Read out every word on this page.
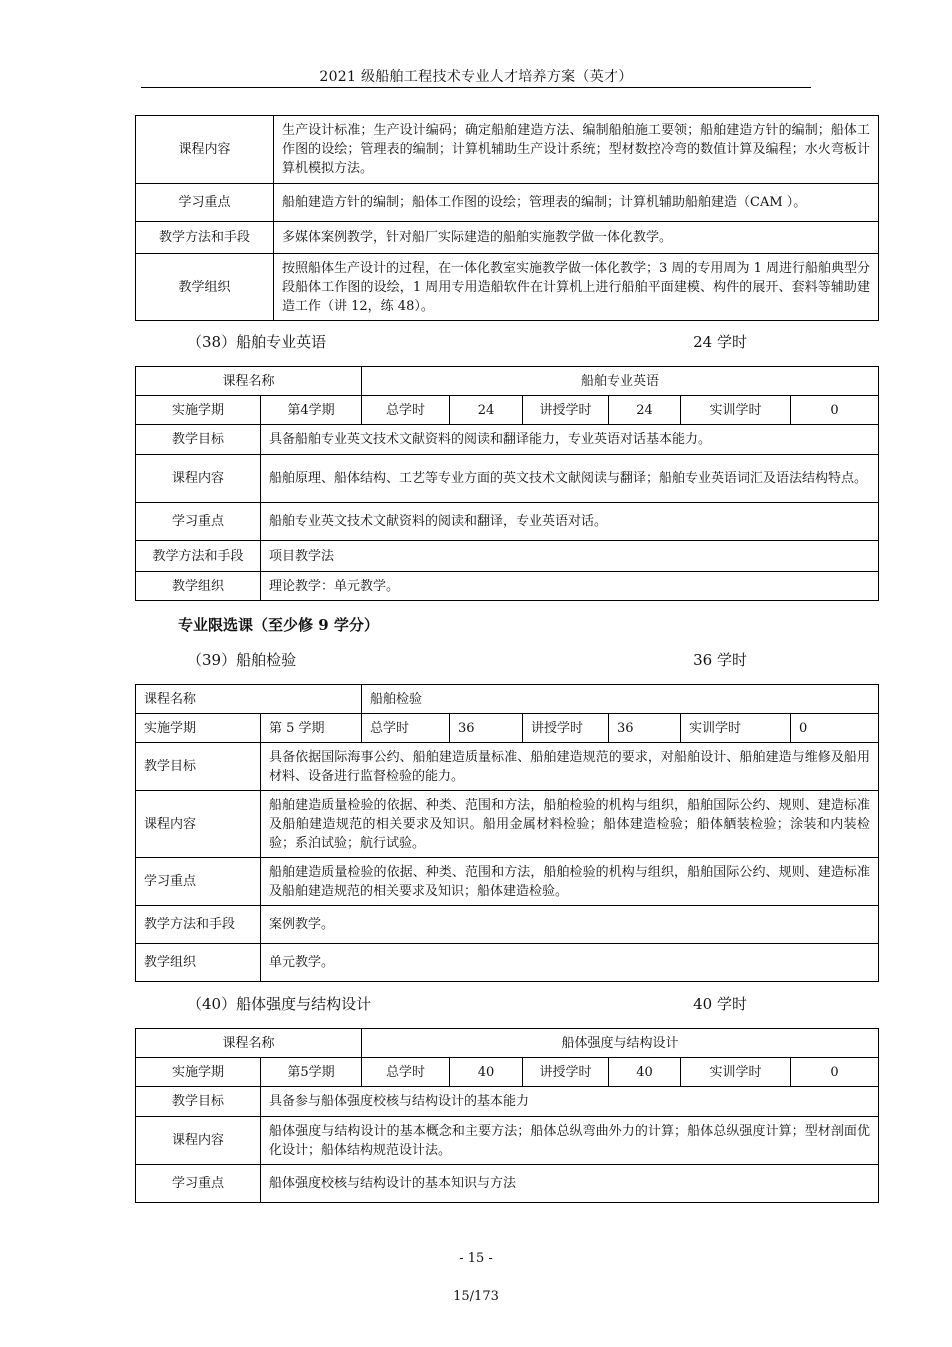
2021 级船舶工程技术专业人才培养方案（英才）
课程内容	生产设计标准；生产设计编码；确定船舶建造方法、编制船舶施工要领；船舶建造方针的编制；船体工作图的设绘；管理表的编制；计算机辅助生产设计系统；型材数控冷弯的数值计算及编程；水火弯板计算机模拟方法。
学习重点	船舶建造方针的编制；船体工作图的设绘；管理表的编制；计算机辅助船舶建造（CAM ）。
教学方法和手段	多媒体案例教学，针对船厂实际建造的船舶实施教学做一体化教学。
教学组织	按照船体生产设计的过程，在一体化教室实施教学做一体化教学；3 周的专用周为 1 周进行船舶典型分段船体工作图的设绘，1 周用专用造船软件在计算机上进行船舶平面建模、构件的展开、套料等辅助建造工作（讲 12，练 48）。
（38）船舶专业英语	24 学时
课程名称		船舶专业英语					
实施学期	第4学期	总学时	24	讲授学时	24	实训学时	0
教学目标	具备船舶专业英文技术文献资料的阅读和翻译能力，专业英语对话基本能力。						
课程内容	船舶原理、船体结构、工艺等专业方面的英文技术文献阅读与翻译；船舶专业英语词汇及语法结构特点。						
学习重点	船舶专业英文技术文献资料的阅读和翻译，专业英语对话。						
教学方法和手段	项目教学法						
教学组织	理论教学：单元教学。						
专业限选课（至少修 9 学分）
（39）船舶检验	36 学时
课程名称		船舶检验					
实施学期	第 5 学期	总学时	36	讲授学时	36	实训学时	0
教学目标	具备依据国际海事公约、船舶建造质量标准、船舶建造规范的要求，对船舶设计、船舶建造与维修及船用材料、设备进行监督检验的能力。						
课程内容	船舶建造质量检验的依据、种类、范围和方法，船舶检验的机构与组织，船舶国际公约、规则、建造标准及船舶建造规范的相关要求及知识。船用金属材料检验；船体建造检验；船体舾装检验；涂装和内装检验；系泊试验；航行试验。						
学习重点	船舶建造质量检验的依据、种类、范围和方法，船舶检验的机构与组织，船舶国际公约、规则、建造标准及船舶建造规范的相关要求及知识；船体建造检验。						
教学方法和手段	案例教学。						
教学组织	单元教学。						
（40）船体强度与结构设计	40 学时
课程名称		船体强度与结构设计					
实施学期	第5学期	总学时	40	讲授学时	40	实训学时	0
教学目标	具备参与船体强度校核与结构设计的基本能力						
课程内容	船体强度与结构设计的基本概念和主要方法；船体总纵弯曲外力的计算；船体总纵强度计算；型材剖面优化设计；船体结构规范设计法。						
学习重点	船体强度校核与结构设计的基本知识与方法						
- 15 -
15/173
